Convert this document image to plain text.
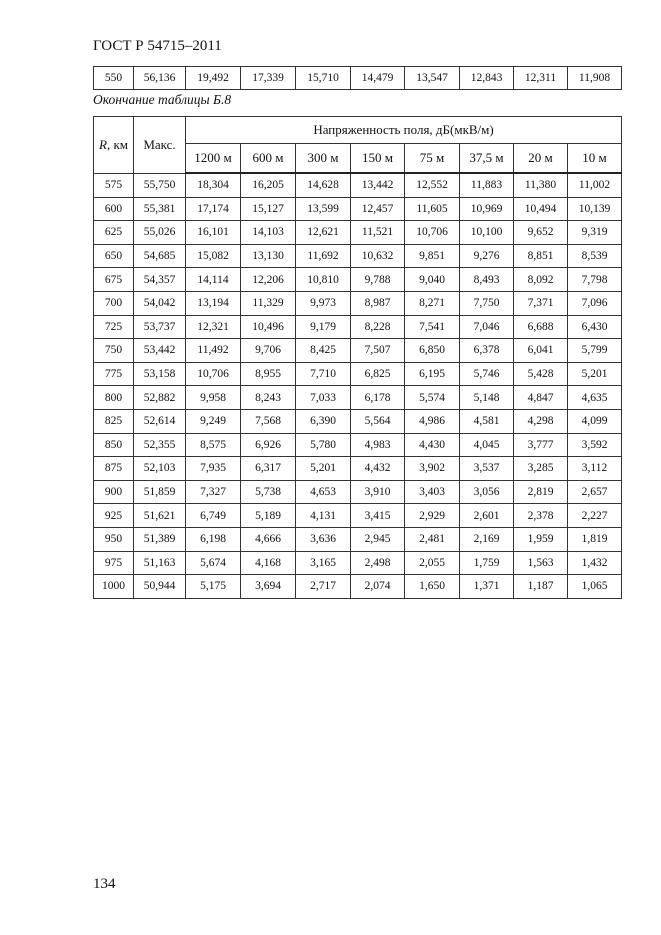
ГОСТ Р 54715–2011
550	56,136	19,492	17,339	15,710	14,479	13,547	12,843	12,311	11,908
Окончание таблицы Б.8
R, км	Макс.	Напряженность поля, дБ(мкВ/м)							
		1200 м	600 м	300 м	150 м	75 м	37,5 м	20 м	10 м
575	55,750	18,304	16,205	14,628	13,442	12,552	11,883	11,380	11,002
600	55,381	17,174	15,127	13,599	12,457	11,605	10,969	10,494	10,139
625	55,026	16,101	14,103	12,621	11,521	10,706	10,100	9,652	9,319
650	54,685	15,082	13,130	11,692	10,632	9,851	9,276	8,851	8,539
675	54,357	14,114	12,206	10,810	9,788	9,040	8,493	8,092	7,798
700	54,042	13,194	11,329	9,973	8,987	8,271	7,750	7,371	7,096
725	53,737	12,321	10,496	9,179	8,228	7,541	7,046	6,688	6,430
750	53,442	11,492	9,706	8,425	7,507	6,850	6,378	6,041	5,799
775	53,158	10,706	8,955	7,710	6,825	6,195	5,746	5,428	5,201
800	52,882	9,958	8,243	7,033	6,178	5,574	5,148	4,847	4,635
825	52,614	9,249	7,568	6,390	5,564	4,986	4,581	4,298	4,099
850	52,355	8,575	6,926	5,780	4,983	4,430	4,045	3,777	3,592
875	52,103	7,935	6,317	5,201	4,432	3,902	3,537	3,285	3,112
900	51,859	7,327	5,738	4,653	3,910	3,403	3,056	2,819	2,657
925	51,621	6,749	5,189	4,131	3,415	2,929	2,601	2,378	2,227
950	51,389	6,198	4,666	3,636	2,945	2,481	2,169	1,959	1,819
975	51,163	5,674	4,168	3,165	2,498	2,055	1,759	1,563	1,432
1000	50,944	5,175	3,694	2,717	2,074	1,650	1,371	1,187	1,065
134
